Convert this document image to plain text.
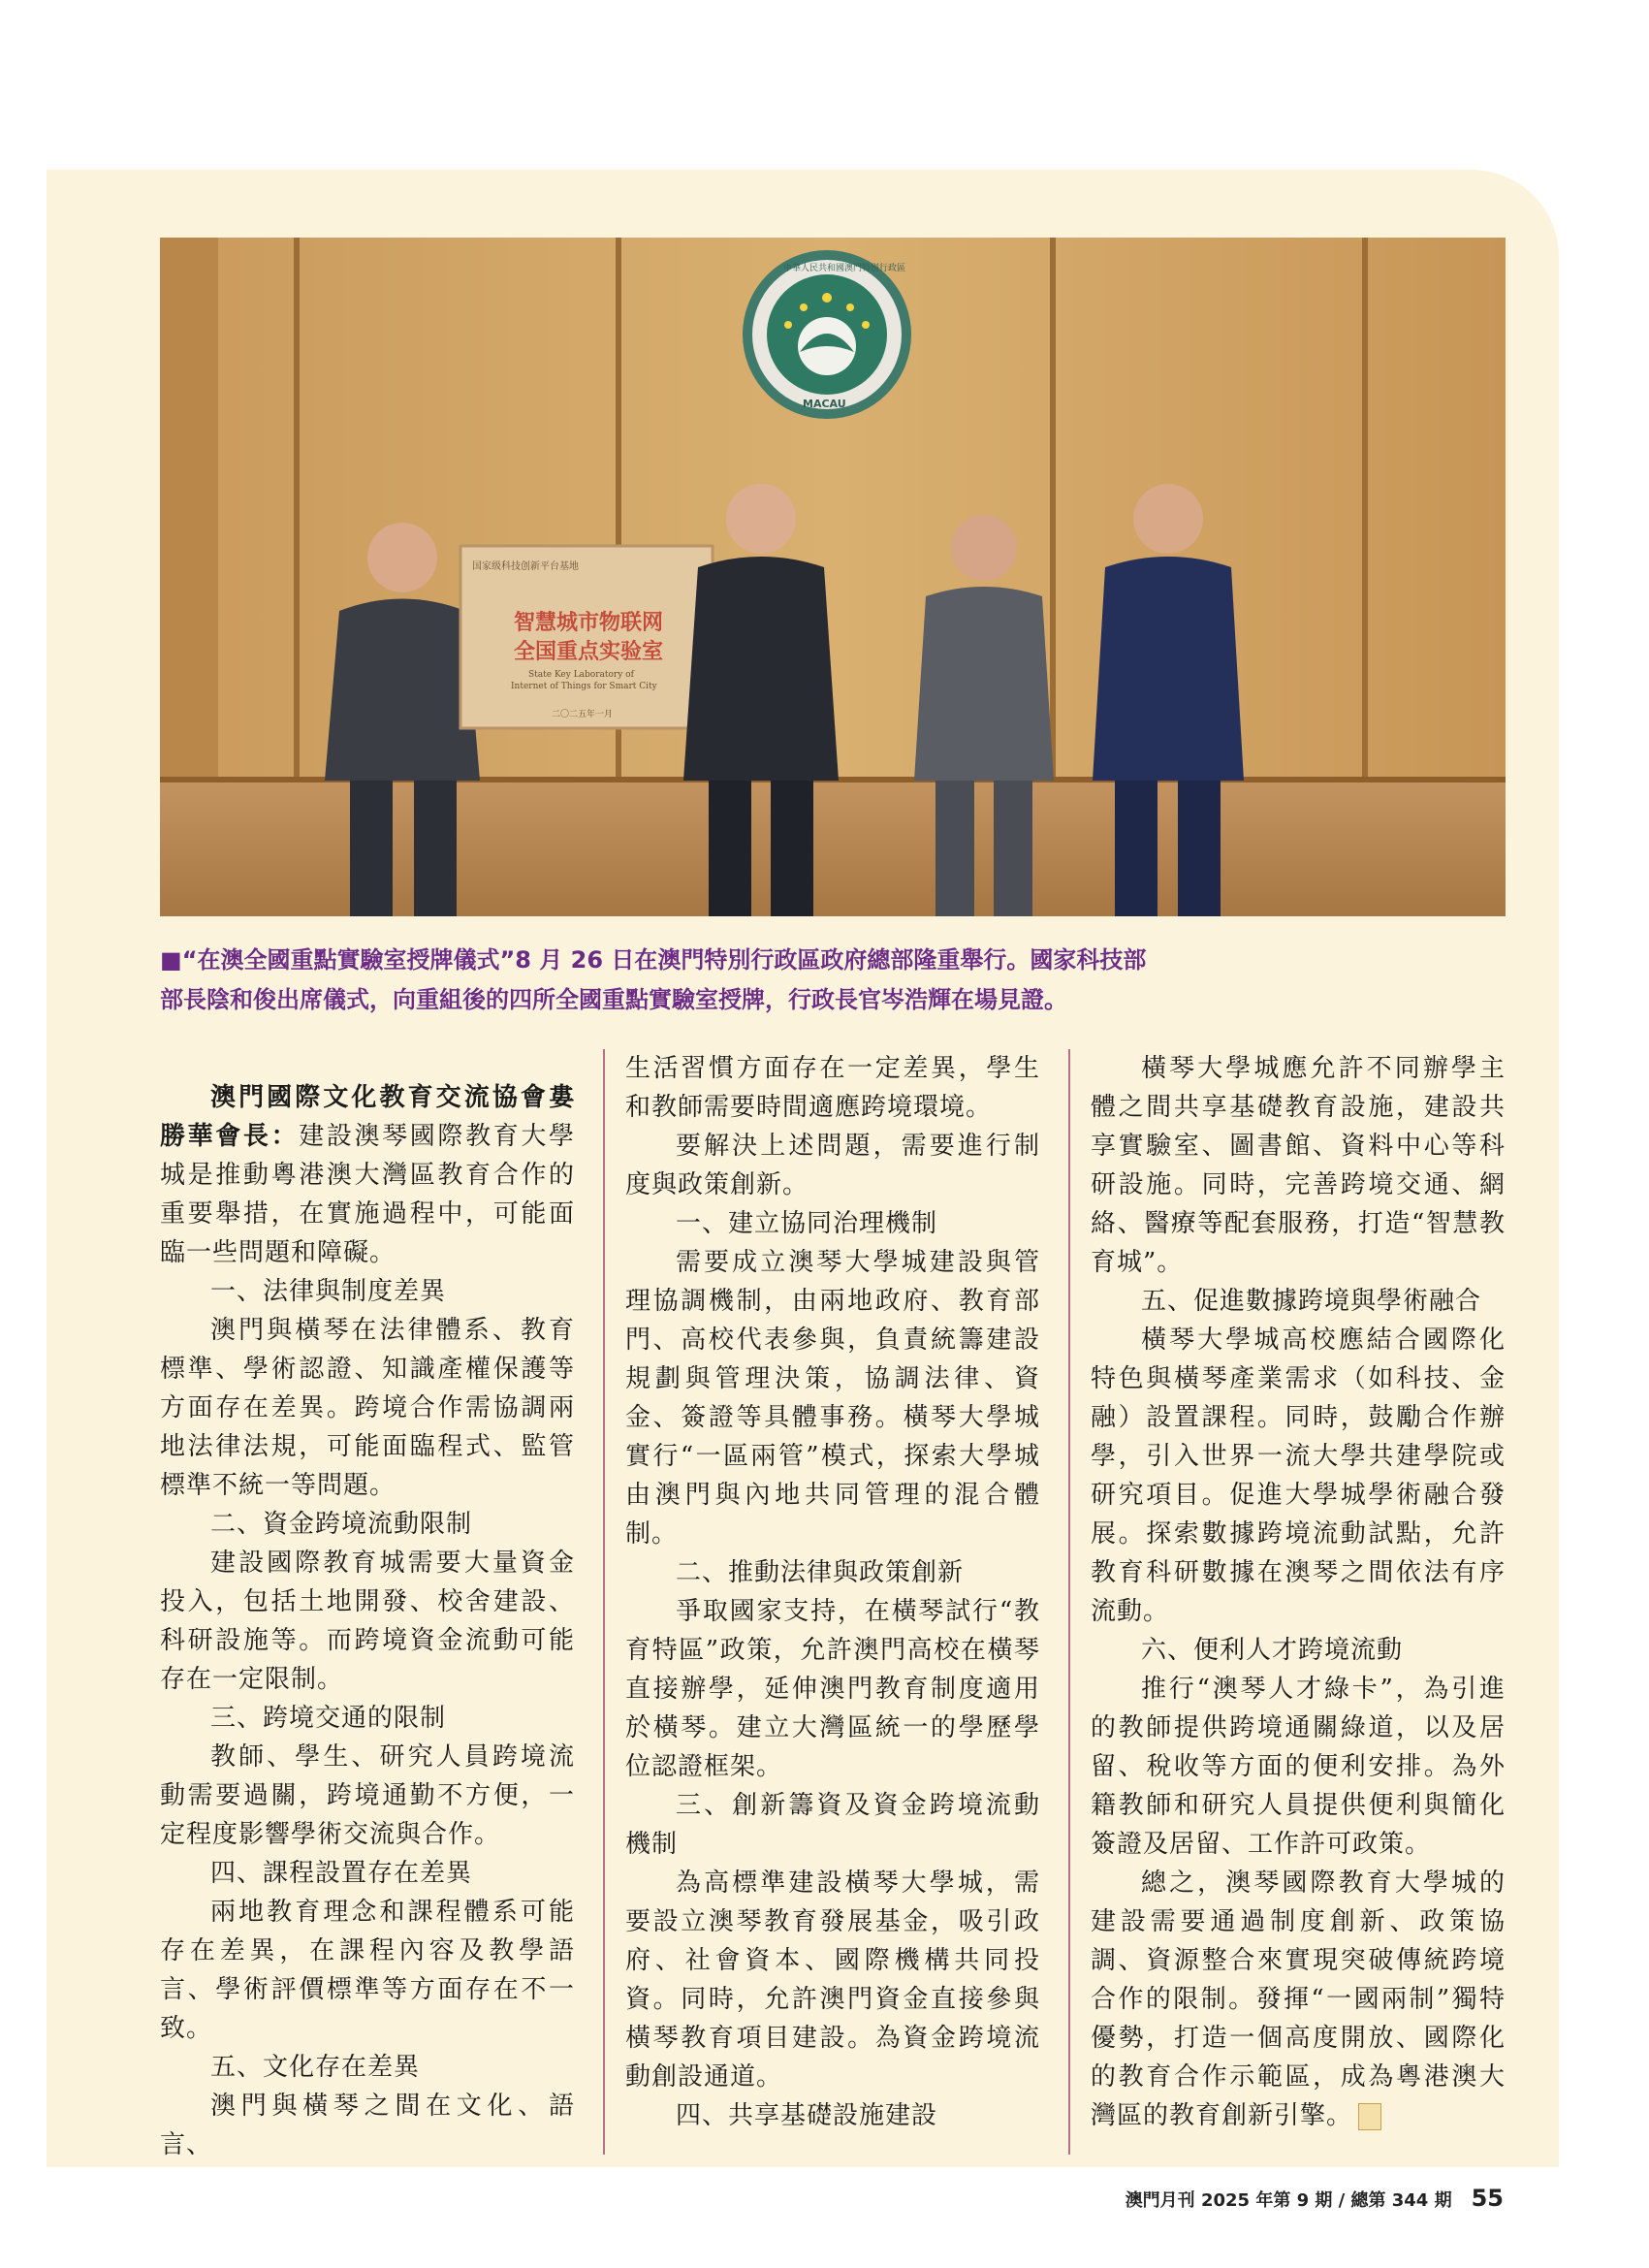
MACAU
中華人民共和國澳門特別行政區
国家级科技创新平台基地
智慧城市物联网
全国重点实验室
State Key Laboratory of
Internet of Things for Smart City
二〇二五年一月
■“在澳全國重點實驗室授牌儀式”8 月 26 日在澳門特別行政區政府總部隆重舉行。國家科技部
部長陰和俊出席儀式，向重組後的四所全國重點實驗室授牌，行政長官岑浩輝在場見證。

澳門國際文化教育交流協會婁勝華會長：建設澳琴國際教育大學城是推動粵港澳大灣區教育合作的重要舉措，在實施過程中，可能面臨一些問題和障礙。

一、法律與制度差異

澳門與橫琴在法律體系、教育標準、學術認證、知識產權保護等方面存在差異。跨境合作需協調兩地法律法規，可能面臨程式、監管標準不統一等問題。

二、資金跨境流動限制

建設國際教育城需要大量資金投入，包括土地開發、校舍建設、科研設施等。而跨境資金流動可能存在一定限制。

三、跨境交通的限制

教師、學生、研究人員跨境流動需要過關，跨境通勤不方便，一定程度影響學術交流與合作。

四、課程設置存在差異

兩地教育理念和課程體系可能存在差異，在課程內容及教學語言、學術評價標準等方面存在不一致。

五、文化存在差異

澳門與橫琴之間在文化、語言、

生活習慣方面存在一定差異，學生和教師需要時間適應跨境環境。

要解決上述問題，需要進行制度與政策創新。

一、建立協同治理機制

需要成立澳琴大學城建設與管理協調機制，由兩地政府、教育部門、高校代表參與，負責統籌建設規劃與管理決策，協調法律、資金、簽證等具體事務。橫琴大學城實行“一區兩管”模式，探索大學城由澳門與內地共同管理的混合體制。

二、推動法律與政策創新

爭取國家支持，在橫琴試行“教育特區”政策，允許澳門高校在橫琴直接辦學，延伸澳門教育制度適用於橫琴。建立大灣區統一的學歷學位認證框架。

三、創新籌資及資金跨境流動機制

為高標準建設橫琴大學城，需要設立澳琴教育發展基金，吸引政府、社會資本、國際機構共同投資。同時，允許澳門資金直接參與橫琴教育項目建設。為資金跨境流動創設通道。

四、共享基礎設施建設

橫琴大學城應允許不同辦學主體之間共享基礎教育設施，建設共享實驗室、圖書館、資料中心等科研設施。同時，完善跨境交通、網絡、醫療等配套服務，打造“智慧教育城”。

五、促進數據跨境與學術融合

橫琴大學城高校應結合國際化特色與橫琴產業需求（如科技、金融）設置課程。同時，鼓勵合作辦學，引入世界一流大學共建學院或研究項目。促進大學城學術融合發展。探索數據跨境流動試點，允許教育科研數據在澳琴之間依法有序流動。

六、便利人才跨境流動

推行“澳琴人才綠卡”，為引進的教師提供跨境通關綠道，以及居留、稅收等方面的便利安排。為外籍教師和研究人員提供便利與簡化簽證及居留、工作許可政策。

總之，澳琴國際教育大學城的建設需要通過制度創新、政策協調、資源整合來實現突破傳統跨境合作的限制。發揮“一國兩制”獨特優勢，打造一個高度開放、國際化的教育合作示範區，成為粵港澳大灣區的教育創新引擎。

澳門月刊 2025 年第 9 期 / 總第 344 期 55
